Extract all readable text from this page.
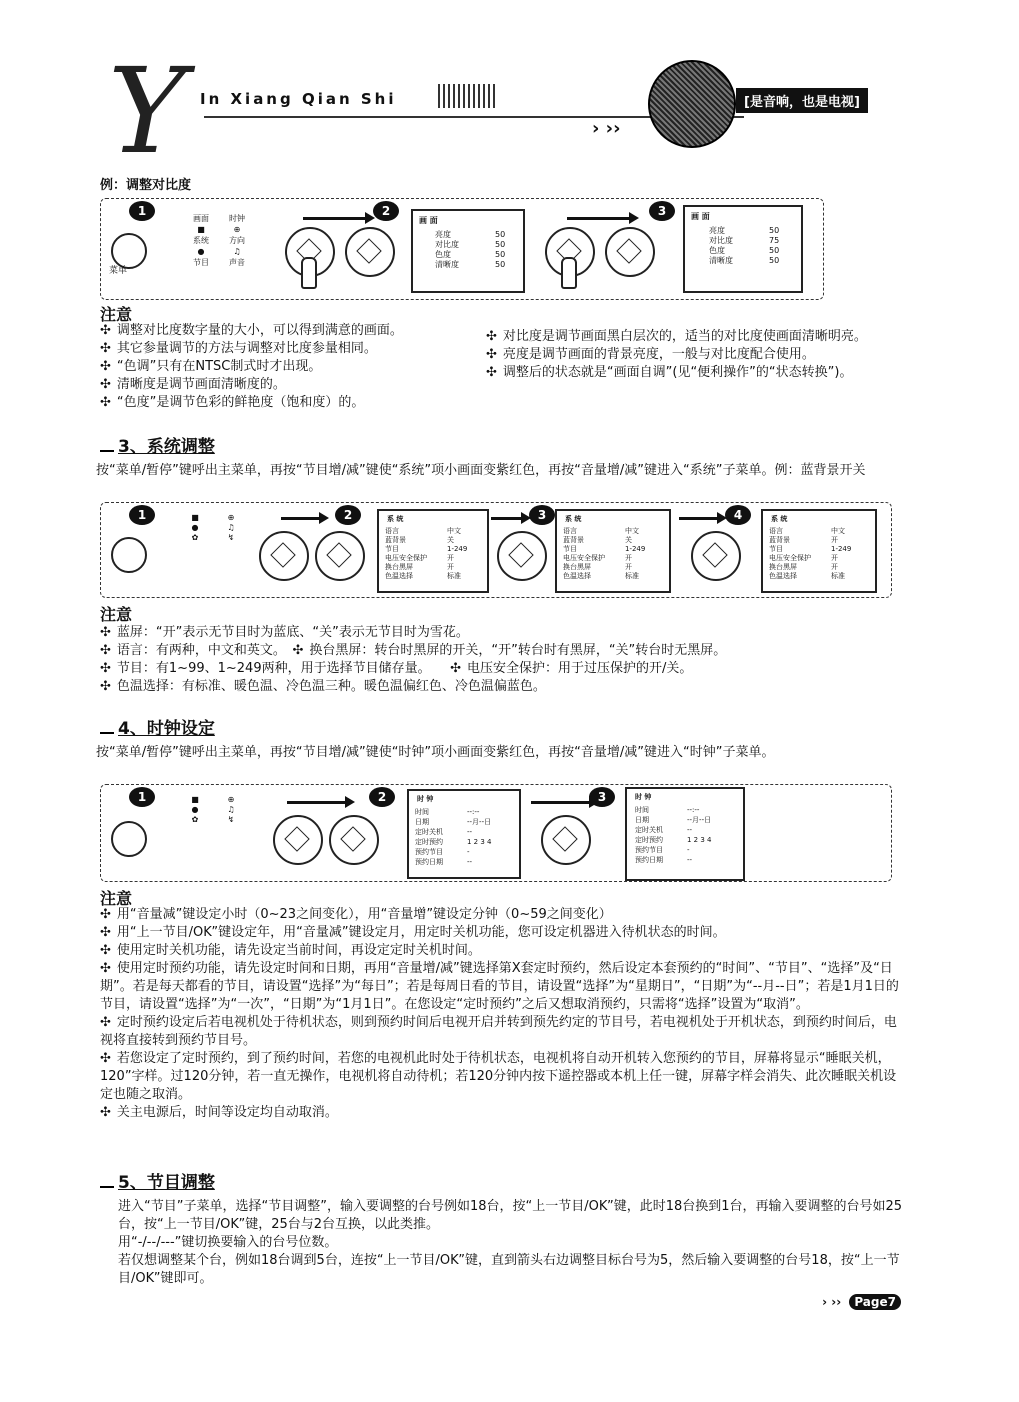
Y In Xiang Qian Shi
› ››
[是音响，也是电视]
例：调整对比度
1
菜单
画面	时钟
■	⊕
系统	方向
●	♫
节目	声音
2
画 面
亮度	50
对比度	50
色度	50
清晰度	50
3	画 面
亮度	50
对比度	75
色度	50
清晰度	50
注意
✣ 调整对比度数字量的大小，可以得到满意的画面。
✣ 其它参量调节的方法与调整对比度参量相同。
✣ “色调”只有在NTSC制式时才出现。
✣ 清晰度是调节画面清晰度的。
✣ “色度”是调节色彩的鲜艳度（饱和度）的。
✣ 对比度是调节画面黑白层次的，适当的对比度使画面清晰明亮。
✣ 亮度是调节画面的背景亮度，一般与对比度配合使用。
✣ 调整后的状态就是“画面自调”(见“便利操作”的“状态转换”)。
3、系统调整
按“菜单/暂停”键呼出主菜单，再按“节目增/减”键使“系统”项小画面变紫红色，再按“音量增/减”键进入“系统”子菜单。例：蓝背景开关
1	■	⊕
●	♫
✿	↯
2	系 统
语言	中文
蓝背景	关
节目	1-249
电压安全保护	开
换台黑屏	开
色温选择	标准
3	系 统
语言	中文
蓝背景	关
节目	1-249
电压安全保护	开
换台黑屏	开
色温选择	标准
4	系 统
语言	中文
蓝背景	开
节目	1-249
电压安全保护	开
换台黑屏	开
色温选择	标准
注意
✣ 蓝屏：“开”表示无节目时为蓝底、“关”表示无节目时为雪花。
✣ 语言：有两种，中文和英文。　 ✣ 换台黑屏：转台时黑屏的开关，“开”转台时有黑屏，“关”转台时无黑屏。
✣ 节目：有1~99、1~249两种，用于选择节目储存量。　　 ✣ 电压安全保护：用于过压保护的开/关。
✣ 色温选择：有标准、暖色温、冷色温三种。暖色温偏红色、冷色温偏蓝色。
4、时钟设定
按“菜单/暂停”键呼出主菜单，再按“节目增/减”键使“时钟”项小画面变紫红色，再按“音量增/减”键进入“时钟”子菜单。
1	■	⊕
●	♫
✿	↯
2	时 钟
时间	--:--
日期	--月--日
定时关机	--
定时预约	1 2 3 4
预约节目	-
预约日期	--
3	时 钟
时间	--:--
日期	--月--日
定时关机	--
定时预约	1 2 3 4
预约节目	-
预约日期	--
注意
✣ 用“音量减”键设定小时（0~23之间变化），用“音量增”键设定分钟（0~59之间变化）
✣ 用“上一节目/OK”键设定年，用“音量减”键设定月，用定时关机功能，您可设定机器进入待机状态的时间。
✣ 使用定时关机功能，请先设定当前时间，再设定定时关机时间。
✣ 使用定时预约功能，请先设定时间和日期，再用“音量增/减”键选择第X套定时预约，然后设定本套预约的“时间”、“节目”、“选择”及“日期”。若是每天都看的节目，请设置“选择”为“每日”；若是每周日看的节目，请设置“选择”为“星期日”，“日期”为“--月--日”；若是1月1日的节目，请设置“选择”为“一次”，“日期”为“1月1日”。在您设定“定时预约”之后又想取消预约，只需将“选择”设置为“取消”。
✣ 定时预约设定后若电视机处于待机状态，则到预约时间后电视开启并转到预先约定的节目号，若电视机处于开机状态，到预约时间后，电视将直接转到预约节目号。
✣ 若您设定了定时预约，到了预约时间，若您的电视机此时处于待机状态，电视机将自动开机转入您预约的节目，屏幕将显示“睡眠关机，120”字样。过120分钟，若一直无操作，电视机将自动待机；若120分钟内按下遥控器或本机上任一键，屏幕字样会消失、此次睡眠关机设定也随之取消。
✣ 关主电源后，时间等设定均自动取消。
5、节目调整
进入“节目”子菜单，选择“节目调整”，输入要调整的台号例如18台，按“上一节目/OK”键，此时18台换到1台，再输入要调整的台号如25台，按“上一节目/OK”键，25台与2台互换，以此类推。
用“-/--/---”键切换要输入的台号位数。
若仅想调整某个台，例如18台调到5台，连按“上一节目/OK”键，直到箭头右边调整目标台号为5，然后输入要调整的台号18，按“上一节目/OK”键即可。
› ›› Page7
